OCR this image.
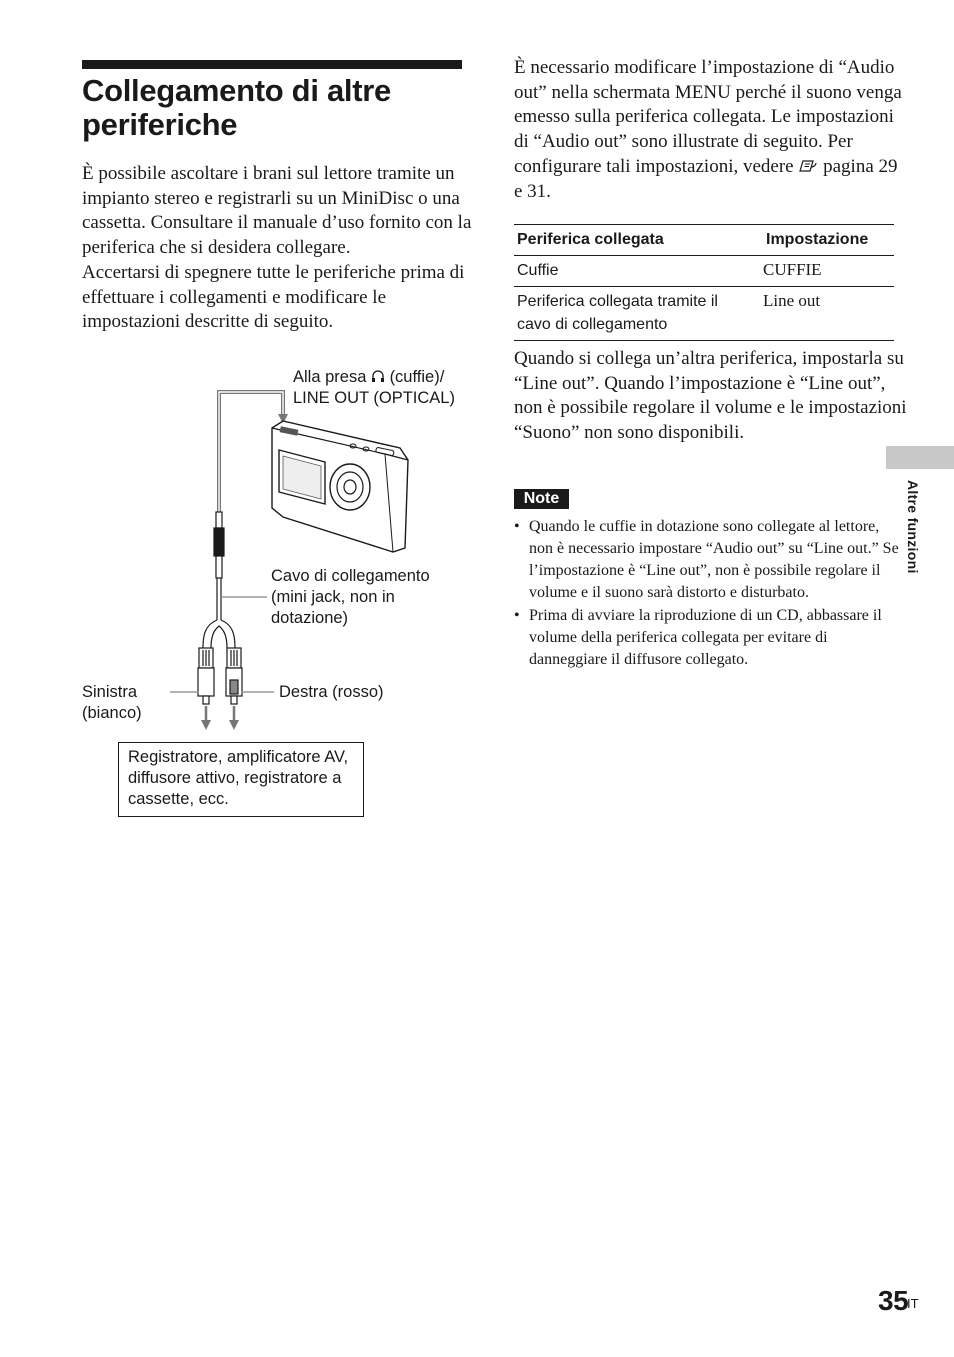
Collegamento di altre periferiche

È possibile ascoltare i brani sul lettore tramite un impianto stereo e registrarli su un MiniDisc o una cassetta. Consultare il manuale d’uso fornito con la periferica che si desidera collegare.

Accertarsi di spegnere tutte le periferiche prima di effettuare i collegamenti e modificare le impostazioni descritte di seguito.

Alla presa (cuffie)/
LINE OUT (OPTICAL)
Cavo di collegamento
(mini jack, non in
dotazione)
Sinistra
(bianco)
Destra (rosso)
Registratore, amplificatore AV, diffusore attivo, registratore a cassette, ecc.
È necessario modificare l’impostazione di “Audio out” nella schermata MENU perché il suono venga emesso sulla periferica collegata. Le impostazioni di “Audio out” sono illustrate di seguito. Per configurare tali impostazioni, vedere pagina 29 e 31.
Periferica collegata	Impostazione
Cuffie	CUFFIE
Periferica collegata tramite il cavo di collegamento	Line out

Quando si collega un’altra periferica, impostarla su “Line out”. Quando l’impostazione è “Line out”, non è possibile regolare il volume e le impostazioni “Suono” non sono disponibili.

Note
• Quando le cuffie in dotazione sono collegate al lettore, non è necessario impostare “Audio out” su “Line out.” Se l’impostazione è “Line out”, non è possibile regolare il volume e il suono sarà distorto e disturbato.
• Prima di avviare la riproduzione di un CD, abbassare il volume della periferica collegata per evitare di danneggiare il diffusore collegato.
Altre funzioni
35
IT
